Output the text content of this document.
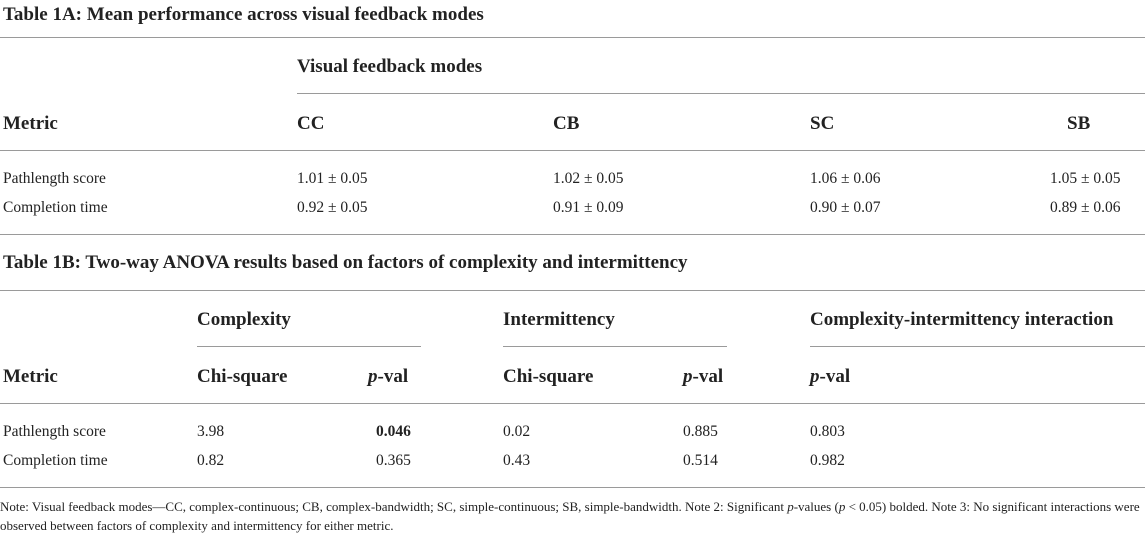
Table 1A: Mean performance across visual feedback modes
Visual feedback modes
Metric	CC	CB	SC	SB
Pathlength score	1.01 ± 0.05	1.02 ± 0.05	1.06 ± 0.06	1.05 ± 0.05
Completion time	0.92 ± 0.05	0.91 ± 0.09	0.90 ± 0.07	0.89 ± 0.06
Table 1B: Two-way ANOVA results based on factors of complexity and intermittency
Complexity	Intermittency	Complexity-intermittency interaction
Metric	Chi-square	p-val	Chi-square	p-val	p-val
Pathlength score	3.98	0.046	0.02	0.885	0.803
Completion time	0.82	0.365	0.43	0.514	0.982
Note: Visual feedback modes—CC, complex-continuous; CB, complex-bandwidth; SC, simple-continuous; SB, simple-bandwidth. Note 2: Significant p-values (p < 0.05) bolded. Note 3: No significant interactions were observed between factors of complexity and intermittency for either metric.
